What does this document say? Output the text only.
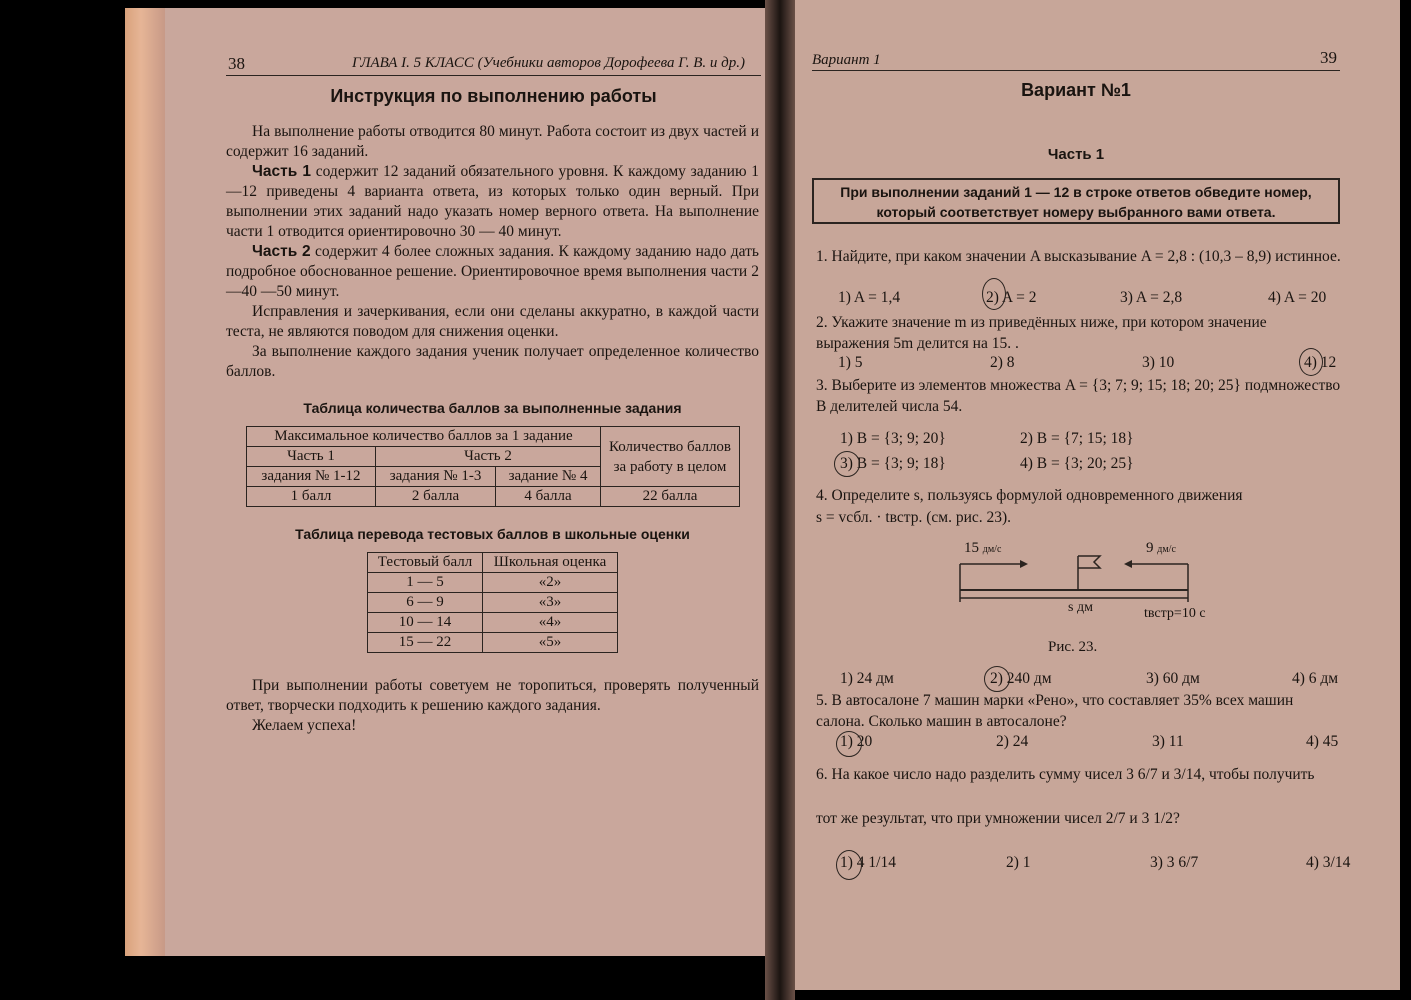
38	ГЛАВА I. 5 КЛАСС (Учебники авторов Дорофеева Г. В. и др.)
Инструкция по выполнению работы
На выполнение работы отводится 80 минут. Работа состоит из двух частей и содержит 16 заданий.
Часть 1 содержит 12 заданий обязательного уровня. К каждому заданию 1—12 приведены 4 варианта ответа, из которых только один верный. При выполнении этих заданий надо указать номер верного ответа. На выполнение части 1 отводится ориентировочно 30 — 40 минут.
Часть 2 содержит 4 более сложных задания. К каждому заданию надо дать подробное обоснованное решение. Ориентировочное время выполнения части 2—40 —50 минут.
Исправления и зачеркивания, если они сделаны аккуратно, в каждой части теста, не являются поводом для снижения оценки.
За выполнение каждого задания ученик получает определенное количество баллов.
Таблица количества баллов за выполненные задания
Максимальное количество баллов за 1 задание			Количество баллов за работу в целом
Часть 1	Часть 2		
задания № 1-12	задания № 1-3	задание № 4	
1 балл	2 балла	4 балла	22 балла
Таблица перевода тестовых баллов в школьные оценки
Тестовый балл	Школьная оценка
1 — 5	«2»
6 — 9	«3»
10 — 14	«4»
15 — 22	«5»
При выполнении работы советуем не торопиться, проверять полученный ответ, творчески подходить к решению каждого задания.
Желаем успеха!
Вариант 1	39
Вариант №1
Часть 1
При выполнении заданий 1 — 12 в строке ответов обведите номер, который соответствует номеру выбранного вами ответа.
1. Найдите, при каком значении A высказывание A = 2,8 : (10,3 – 8,9) истинное.
1) A = 1,4	2) A = 2	3) A = 2,8	4) A = 20
2. Укажите значение m из приведённых ниже, при котором значение выражения 5m делится на 15. .
1) 5	2) 8	3) 10	4) 12
3. Выберите из элементов множества A = {3; 7; 9; 15; 18; 20; 25} подмножество B делителей числа 54.
1) B = {3; 9; 20}	2) B = {7; 15; 18}
3) B = {3; 9; 18}	4) B = {3; 20; 25}
4. Определите s, пользуясь формулой одновременного движения
s = vсбл. · tвстр. (см. рис. 23).
15 дм/с	9 дм/с
s дм	tвстр=10 с
Рис. 23.
1) 24 дм	2) 240 дм	3) 60 дм	4) 6 дм
5. В автосалоне 7 машин марки «Рено», что составляет 35% всех машин салона. Сколько машин в автосалоне?
1) 20	2) 24	3) 11	4) 45
6. На какое число надо разделить сумму чисел 3 6/7 и 3/14, чтобы получить
тот же результат, что при умножении чисел 2/7 и 3 1/2?
1) 4 1/14	2) 1	3) 3 6/7	4) 3/14
